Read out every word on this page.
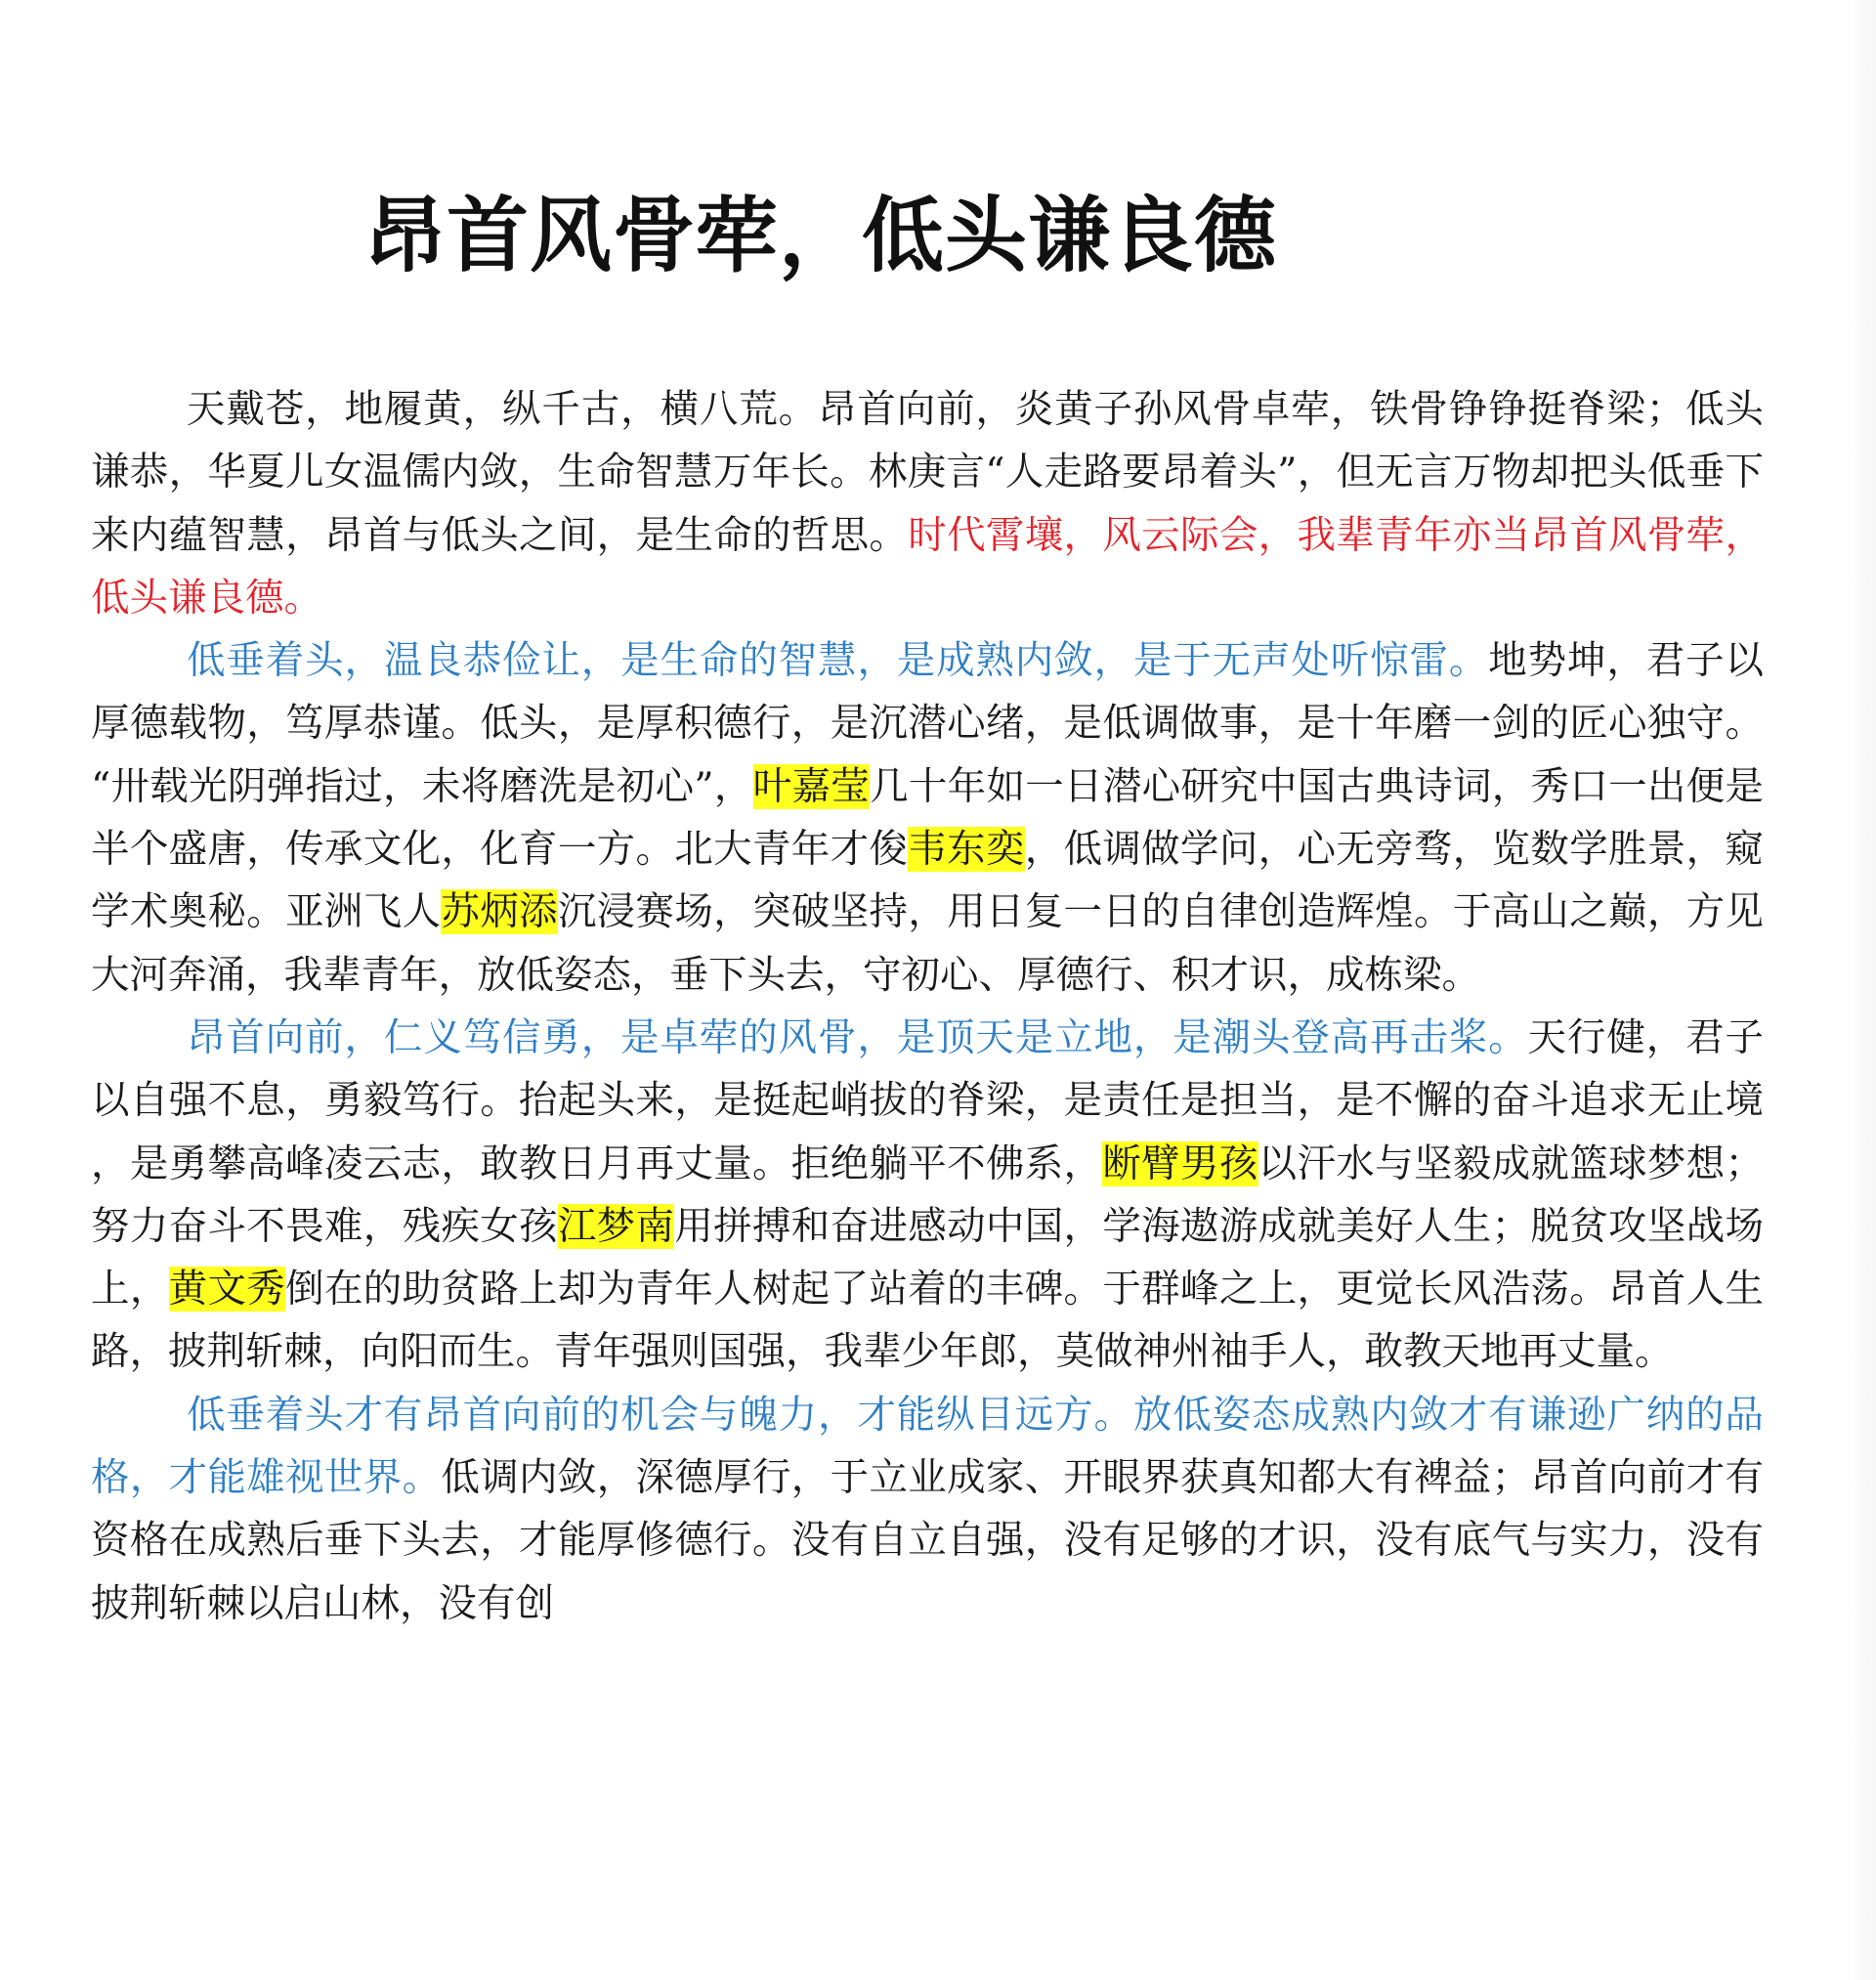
昂首风骨荦，低头谦良德

天戴苍，地履黄，纵千古，横八荒。昂首向前，炎黄子孙风骨卓荦，铁骨铮铮挺脊梁；低头谦恭，华夏儿女温儒内敛，生命智慧万年长。林庚言“人走路要昂着头”，但无言万物却把头低垂下来内蕴智慧，昂首与低头之间，是生命的哲思。时代霄壤，风云际会，我辈青年亦当昂首风骨荦，低头谦良德。

低垂着头，温良恭俭让，是生命的智慧，是成熟内敛，是于无声处听惊雷。地势坤，君子以厚德载物，笃厚恭谨。低头，是厚积德行，是沉潜心绪，是低调做事，是十年磨一剑的匠心独守。“卅载光阴弹指过，未将磨洗是初心”，叶嘉莹几十年如一日潜心研究中国古典诗词，秀口一出便是半个盛唐，传承文化，化育一方。北大青年才俊韦东奕，低调做学问，心无旁骛，览数学胜景，窥学术奥秘。亚洲飞人苏炳添沉浸赛场，突破坚持，用日复一日的自律创造辉煌。于高山之巅，方见大河奔涌，我辈青年，放低姿态，垂下头去，守初心、厚德行、积才识，成栋梁。

昂首向前，仁义笃信勇，是卓荦的风骨，是顶天是立地，是潮头登高再击桨。天行健，君子以自强不息，勇毅笃行。抬起头来，是挺起峭拔的脊梁，是责任是担当，是不懈的奋斗追求无止境，是勇攀高峰凌云志，敢教日月再丈量。拒绝躺平不佛系，断臂男孩以汗水与坚毅成就篮球梦想；努力奋斗不畏难，残疾女孩江梦南用拼搏和奋进感动中国，学海遨游成就美好人生；脱贫攻坚战场上，黄文秀倒在的助贫路上却为青年人树起了站着的丰碑。于群峰之上，更觉长风浩荡。昂首人生路，披荆斩棘，向阳而生。青年强则国强，我辈少年郎，莫做神州袖手人，敢教天地再丈量。

低垂着头才有昂首向前的机会与魄力，才能纵目远方。放低姿态成熟内敛才有谦逊广纳的品格，才能雄视世界。低调内敛，深德厚行，于立业成家、开眼界获真知都大有裨益；昂首向前才有资格在成熟后垂下头去，才能厚修德行。没有自立自强，没有足够的才识，没有底气与实力，没有披荆斩棘以启山林，没有创
